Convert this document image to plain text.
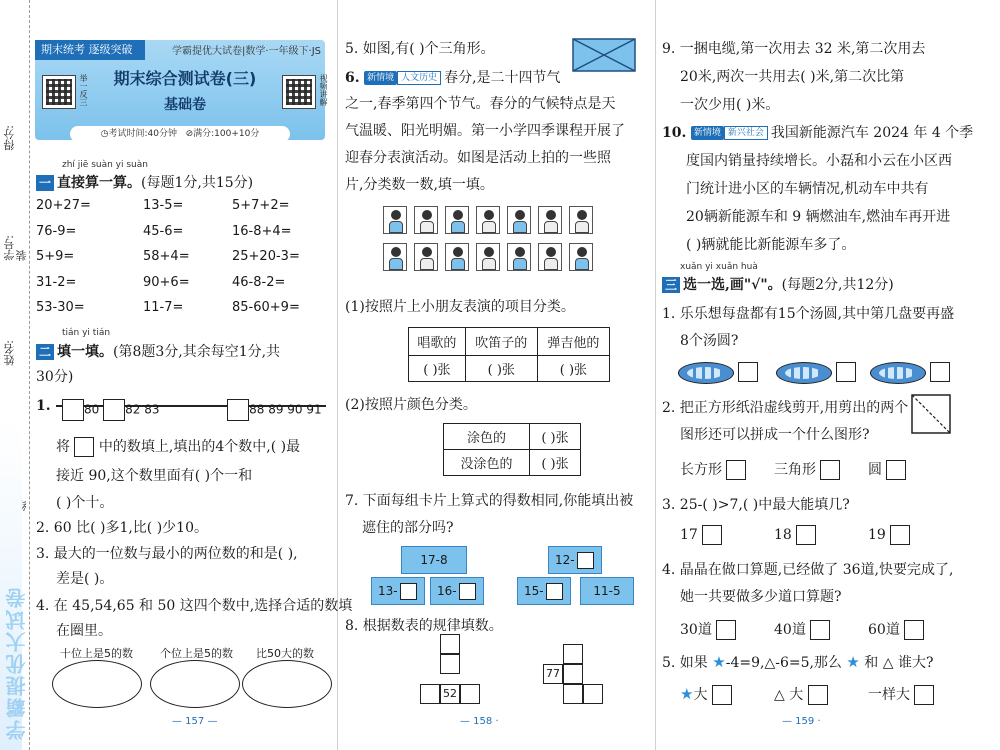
得分:
学号:
姓名:
装
学霸提优大试卷
期末统考 逐级突破	学霸提优大试卷|数学·一年级下·JS
举一反三	视频讲解
期末综合测试卷(三)
基础卷
◷考试时间:40分钟 ⊘满分:100+10分
zhí jiē suàn yi suàn
一 直接算一算。(每题1分,共15分)
20+27=	13-5=	5+7+2=
76-9=	45-6=	16-8+4=
5+9=	58+4=	25+20-3=
31-2=	90+6=	46-8-2=
53-30=	11-7=	85-60+9=
tián yi tián
二 填一填。(第8题3分,其余每空1分,共
30分)
1.	80 82 83	88 89 90 91
将 中的数填上,填出的4个数中,( )最
接近 90,这个数里面有( )个一和
( )个十。
2. 60 比( )多1,比( )少10。
3. 最大的一位数与最小的两位数的和是( ),
差是( )。
4. 在 45,54,65 和 50 这四个数中,选择合适的数填
在圈里。
十位上是5的数 个位上是5的数 比50大的数
— 157 —
5. 如图,有( )个三角形。
6. 新情境 人文历史 春分,是二十四节气
之一,春季第四个节气。春分的气候特点是天
气温暖、阳光明媚。第一小学四季课程开展了
迎春分表演活动。如图是活动上拍的一些照
片,分类数一数,填一填。
(1)按照片上小朋友表演的项目分类。
唱歌的	吹笛子的	弹吉他的
( )张	( )张	( )张
(2)按照片颜色分类。
涂色的	( )张
没涂色的	( )张
7. 下面每组卡片上算式的得数相同,你能填出被
遮住的部分吗?
17-8
13-	16-
12-
15-	11-5
8. 根据数表的规律填数。
52
77
— 158 ·
9. 一捆电缆,第一次用去 32 米,第二次用去
20米,两次一共用去( )米,第二次比第
一次少用( )米。
10. 新情境 新兴社会 我国新能源汽车 2024 年 4 个季
度国内销量持续增长。小磊和小云在小区西
门统计进小区的车辆情况,机动车中共有
20辆新能源车和 9 辆燃油车,燃油车再开进
( )辆就能比新能源车多了。
xuǎn yi xuǎn huà
三 选一选,画"√"。(每题2分,共12分)
1. 乐乐想每盘都有15个汤圆,其中第几盘要再盛
8个汤圆?
2. 把正方形纸沿虚线剪开,用剪出的两个
图形还可以拼成一个什么图形?
长方形	三角形	圆
3. 25-( )>7,( )中最大能填几?
17	18	19
4. 晶晶在做口算题,已经做了 36道,快要完成了,
她一共要做多少道口算题?
30道	40道	60道
5. 如果 ★-4=9,△-6=5,那么 ★ 和 △ 谁大?
★大	△ 大	一样大
— 159 ·
